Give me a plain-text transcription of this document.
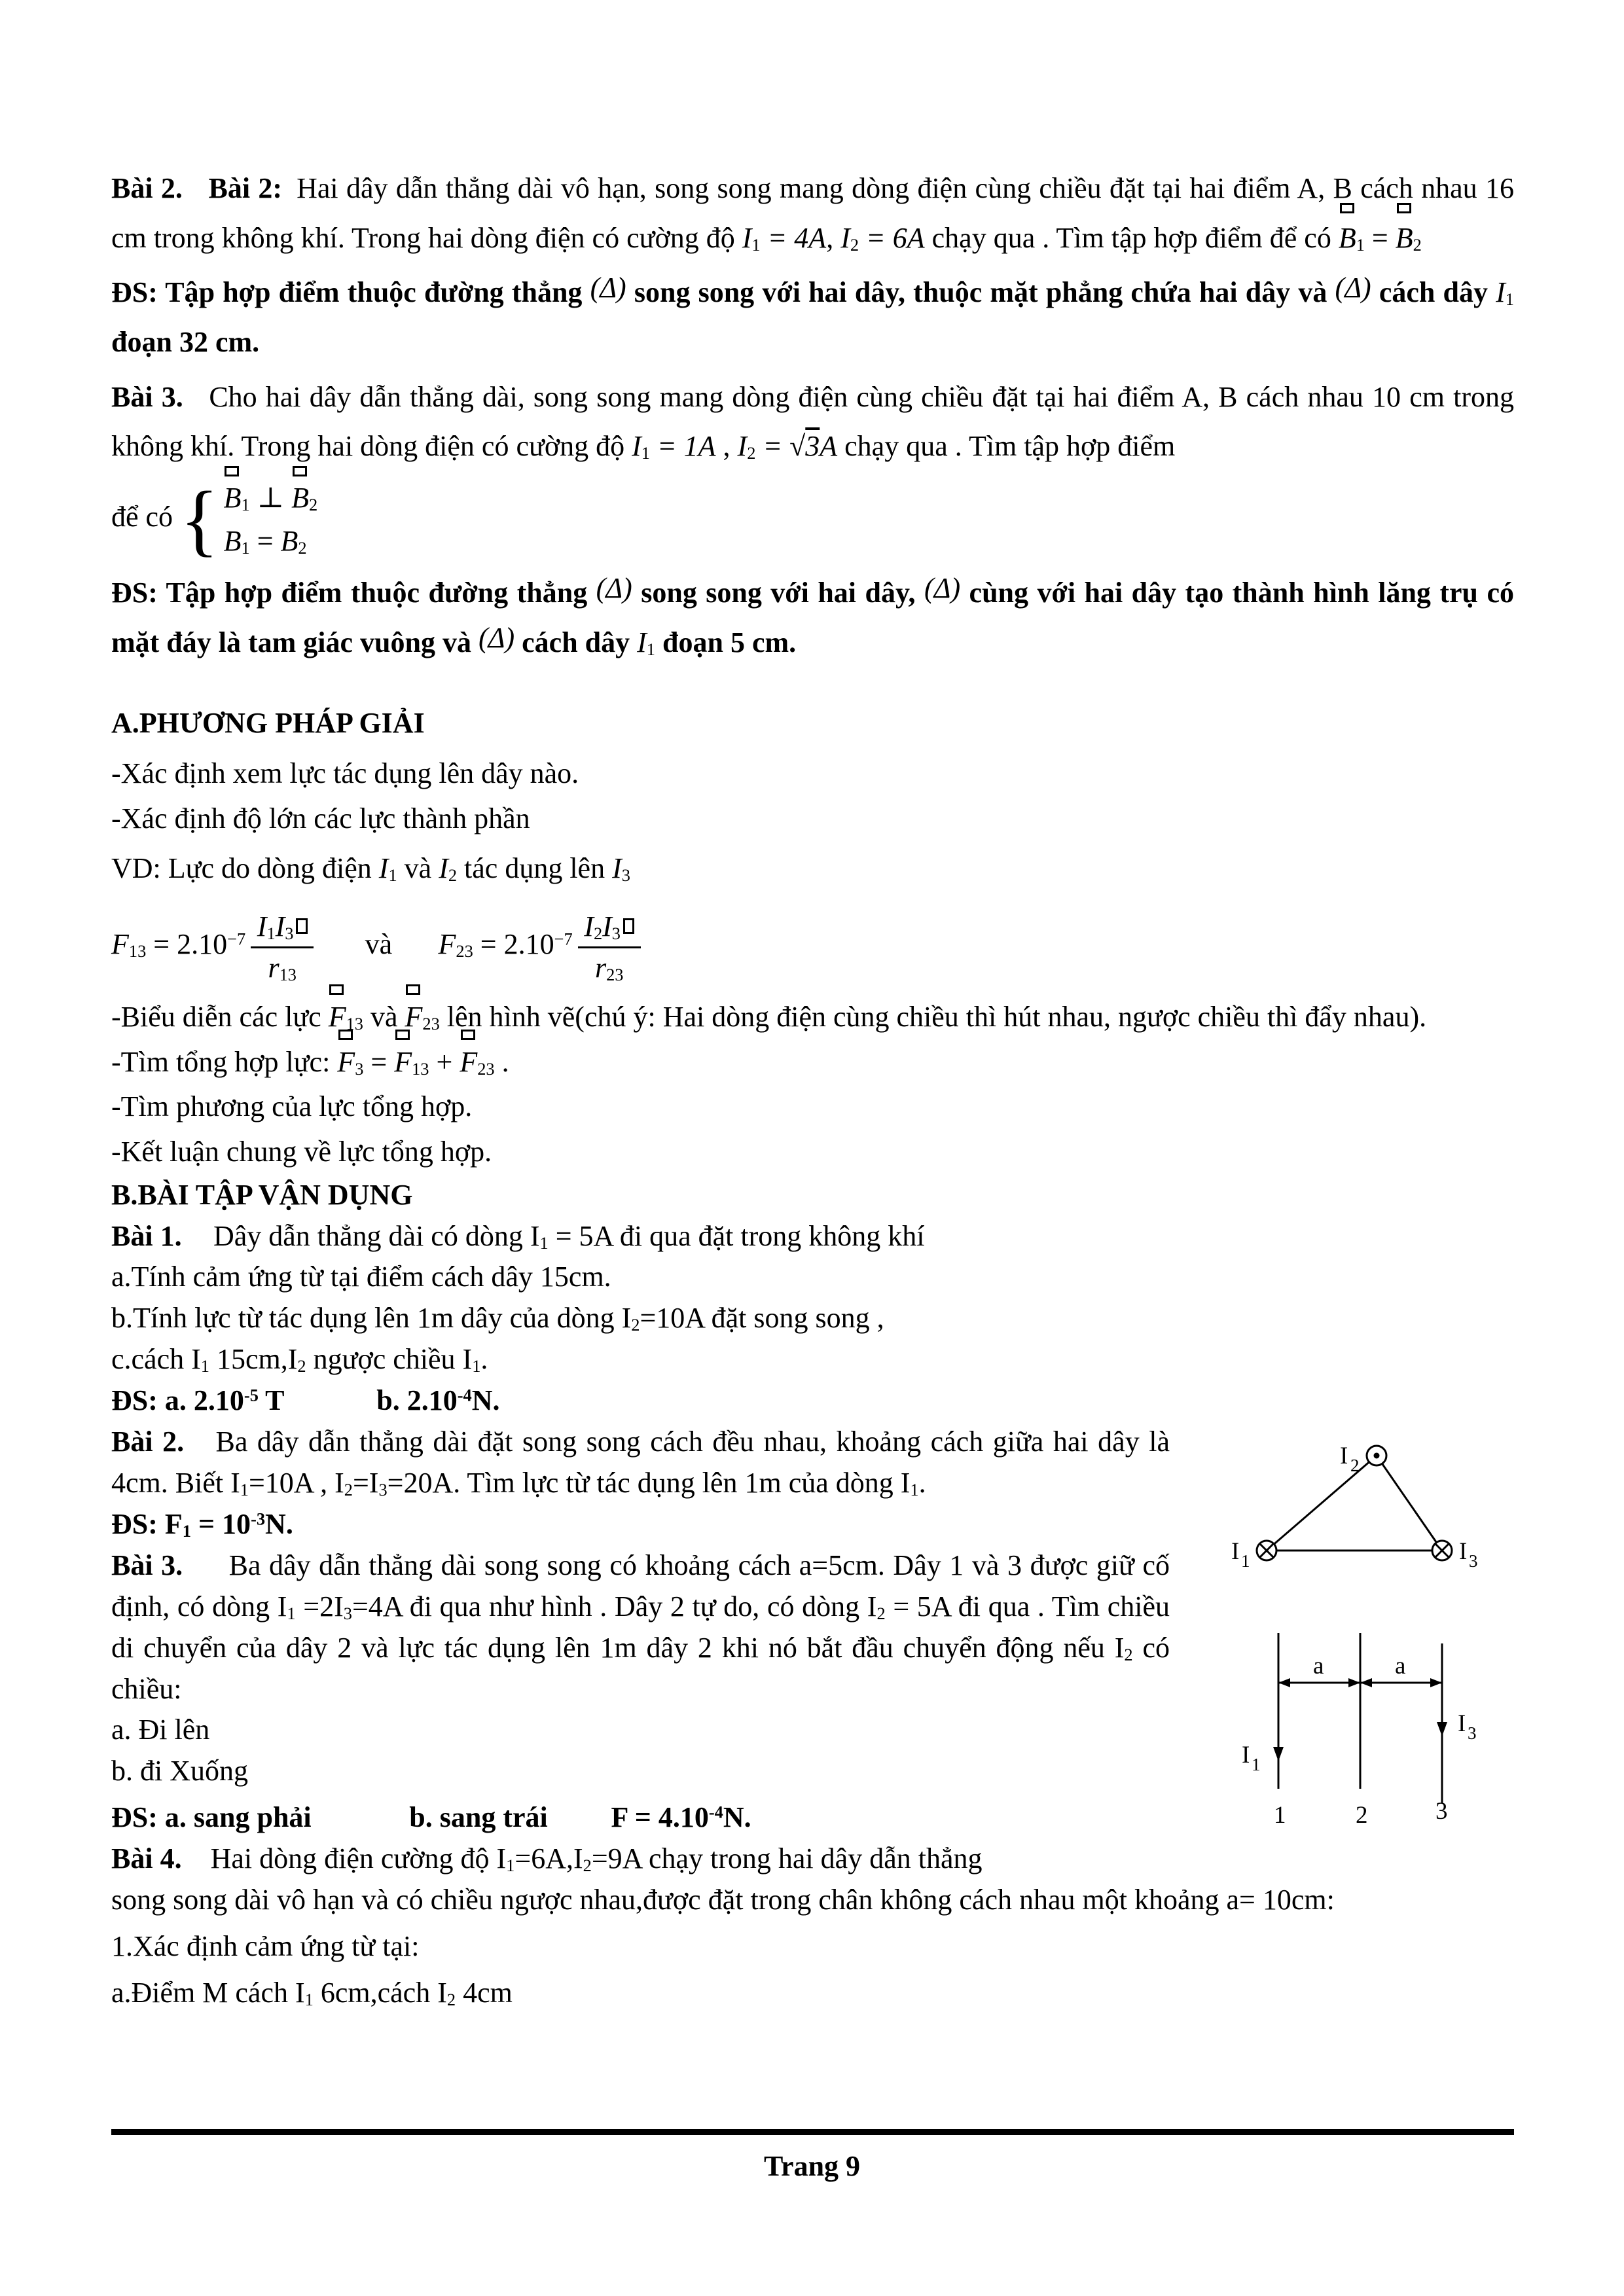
Bài 2. Bài 2: Hai dây dẫn thẳng dài vô hạn, song song mang dòng điện cùng chiều đặt tại hai điểm A, B cách nhau 16 cm trong không khí. Trong hai dòng điện có cường độ I1 = 4A, I2 = 6A chạy qua . Tìm tập hợp điểm để có
B1 =
B2
ĐS: Tập hợp điểm thuộc đường thẳng (Δ) song song với hai dây, thuộc mặt phẳng chứa hai dây và (Δ) cách dây I1 đoạn 32 cm.
Bài 3. Cho hai dây dẫn thẳng dài, song song mang dòng điện cùng chiều đặt tại hai điểm A, B cách nhau 10 cm trong không khí. Trong hai dòng điện có cường độ I1 = 1A , I2 = √3A chạy qua . Tìm tập hợp điểm
để có { B1 ⊥
B2
B1 = B2
ĐS: Tập hợp điểm thuộc đường thẳng (Δ) song song với hai dây, (Δ) cùng với hai dây tạo thành hình lăng trụ có mặt đáy là tam giác vuông và (Δ) cách dây I1 đoạn 5 cm.
A.PHƯƠNG PHÁP GIẢI
-Xác định xem lực tác dụng lên dây nào.
-Xác định độ lớn các lực thành phần
VD: Lực do dòng điện I1 và I2 tác dụng lên I3
$F13 = 2.10^{-7} \frac{I1I3}{r13}$ và $F23 = 2.10^{-7} \frac{I2I3}{r23}$
-Biểu diễn các lực
F13 và
F23 lên hình vẽ(chú ý: Hai dòng điện cùng chiều thì hút nhau, ngược chiều thì đẩy nhau).
-Tìm tổng hợp lực:
F3 =
F13 +
F23 .
-Tìm phương của lực tổng hợp.
-Kết luận chung về lực tổng hợp.
B.BÀI TẬP VẬN DỤNG
Bài 1. Dây dẫn thẳng dài có dòng I1 = 5A đi qua đặt trong không khí
a.Tính cảm ứng từ tại điểm cách dây 15cm.
b.Tính lực từ tác dụng lên 1m dây của dòng I2=10A đặt song song ,
c.cách I1 15cm,I2 ngược chiều I1.
ĐS: a. $2.10^{-5}$ T	b. $2.10^{-4}N$.
I 2
I 1	I 3
a	a
I 1
I 3
1	2	3
Bài 2. Ba dây dẫn thẳng dài đặt song song cách đều nhau, khoảng cách giữa hai dây là 4cm. Biết I1=10A , I2=I3=20A. Tìm lực từ tác dụng lên 1m của dòng I1.
ĐS: $F1 = 10^{-3}N$.
Bài 3. Ba dây dẫn thẳng dài song song có khoảng cách a=5cm. Dây 1 và 3 được giữ cố định, có dòng I1 =2I3=4A đi qua như hình . Dây 2 tự do, có dòng I2 = 5A đi qua . Tìm chiều di chuyển của dây 2 và lực tác dụng lên 1m dây 2 khi nó bắt đầu chuyển động nếu I2 có chiều:
a. Đi lên
b. đi Xuống
ĐS: a. sang phải	b. sang trái $F = 4.10^{-4}N$.
Bài 4. Hai dòng điện cường độ I1=6A,I2=9A chạy trong hai dây dẫn thẳng
song song dài vô hạn và có chiều ngược nhau,được đặt trong chân không cách nhau một khoảng a= 10cm:
1.Xác định cảm ứng từ tại:
a.Điểm M cách I1 6cm,cách I2 4cm
Trang 9
